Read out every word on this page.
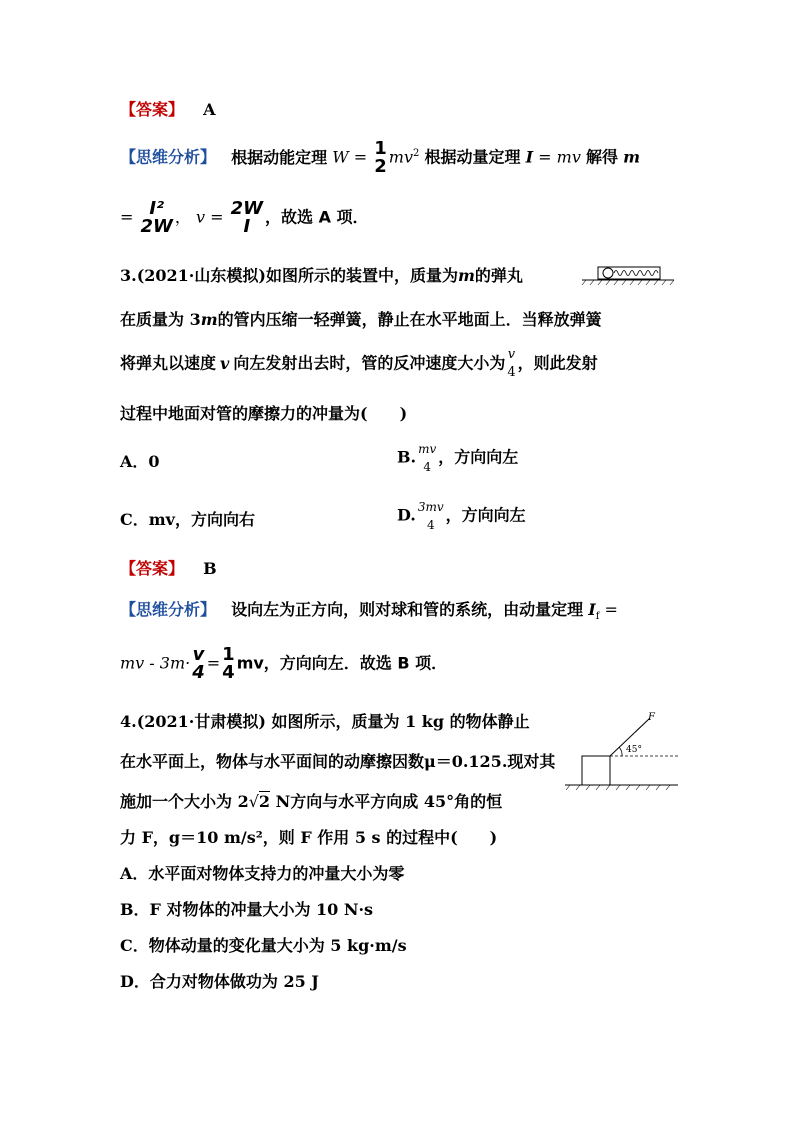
【答案】 A
【思维分析】 根据动能定理 W = 1
2 $mv^2$ 根据动量定理 I = mv 解得 m
= I²
2W ， v = 2W
I ，故选 A 项．
3.(2021·山东模拟)如图所示的装置中，质量为m的弹丸
在质量为 3m的管内压缩一轻弹簧，静止在水平地面上．当释放弹簧
将弹丸以速度 v 向左发射出去时，管的反冲速度大小为 v
4 ，则此发射
过程中地面对管的摩擦力的冲量为(　　)
A．0	B. mv
4
，方向向左
C．mv，方向向右	D. 3mv
4
，方向向左
【答案】 B
【思维分析】 设向左为正方向，则对球和管的系统，由动量定理 $I_f$ =
mv - 3m· v
4 = 1
4 mv，方向向左．故选 B 项．
4.(2021·甘肃模拟) 如图所示，质量为 1 kg 的物体静止
在水平面上，物体与水平面间的动摩擦因数μ＝0.125.现对其
施加一个大小为 2√2 N方向与水平方向成 45°角的恒
力 F，g＝10 m/s²，则 F 作用 5 s 的过程中(　　)
F
45°
A．水平面对物体支持力的冲量大小为零
B．F 对物体的冲量大小为 10 N·s
C．物体动量的变化量大小为 5 kg·m/s
D．合力对物体做功为 25 J
